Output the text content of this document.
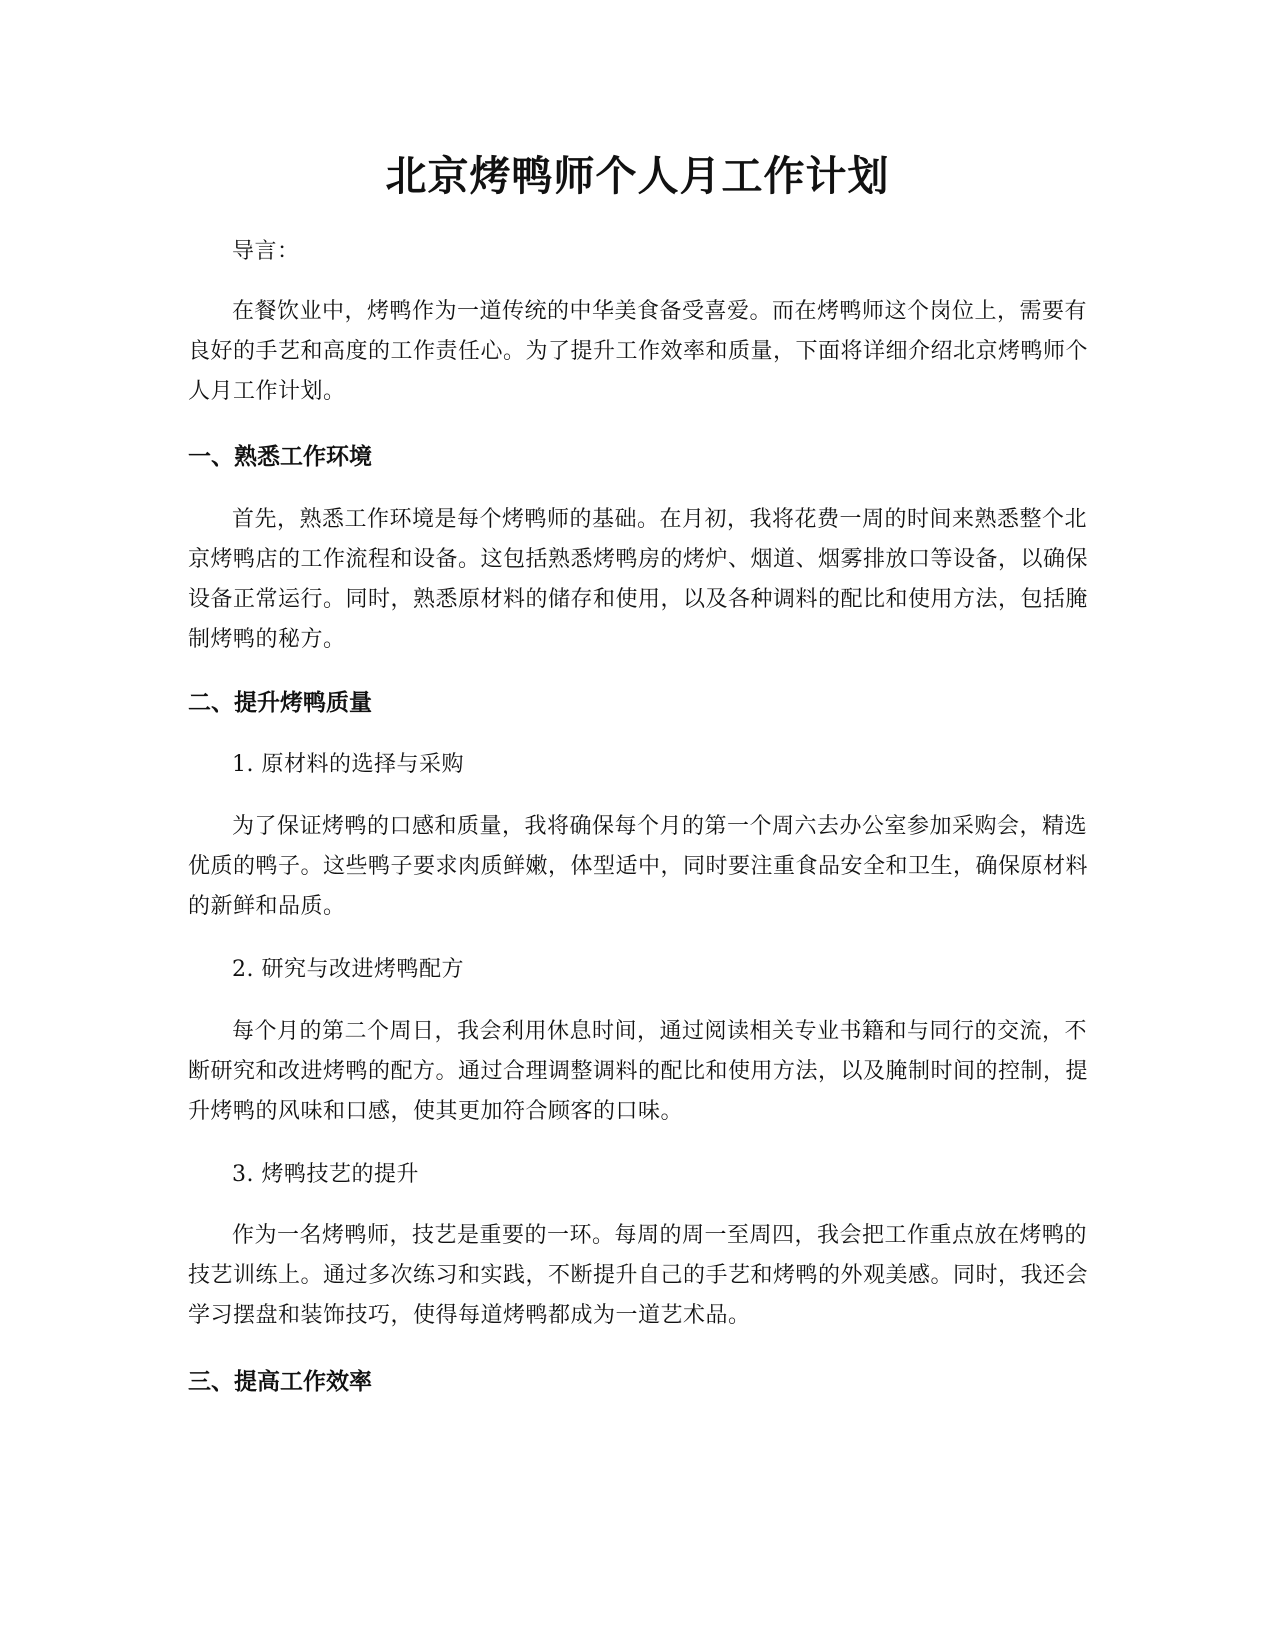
北京烤鸭师个人月工作计划

导言：

在餐饮业中，烤鸭作为一道传统的中华美食备受喜爱。而在烤鸭师这个岗位上，需要有良好的手艺和高度的工作责任心。为了提升工作效率和质量，下面将详细介绍北京烤鸭师个人月工作计划。

一、熟悉工作环境

首先，熟悉工作环境是每个烤鸭师的基础。在月初，我将花费一周的时间来熟悉整个北京烤鸭店的工作流程和设备。这包括熟悉烤鸭房的烤炉、烟道、烟雾排放口等设备，以确保设备正常运行。同时，熟悉原材料的储存和使用，以及各种调料的配比和使用方法，包括腌制烤鸭的秘方。

二、提升烤鸭质量

1. 原材料的选择与采购

为了保证烤鸭的口感和质量，我将确保每个月的第一个周六去办公室参加采购会，精选优质的鸭子。这些鸭子要求肉质鲜嫩，体型适中，同时要注重食品安全和卫生，确保原材料的新鲜和品质。

2. 研究与改进烤鸭配方

每个月的第二个周日，我会利用休息时间，通过阅读相关专业书籍和与同行的交流，不断研究和改进烤鸭的配方。通过合理调整调料的配比和使用方法，以及腌制时间的控制，提升烤鸭的风味和口感，使其更加符合顾客的口味。

3. 烤鸭技艺的提升

作为一名烤鸭师，技艺是重要的一环。每周的周一至周四，我会把工作重点放在烤鸭的技艺训练上。通过多次练习和实践，不断提升自己的手艺和烤鸭的外观美感。同时，我还会学习摆盘和装饰技巧，使得每道烤鸭都成为一道艺术品。

三、提高工作效率
